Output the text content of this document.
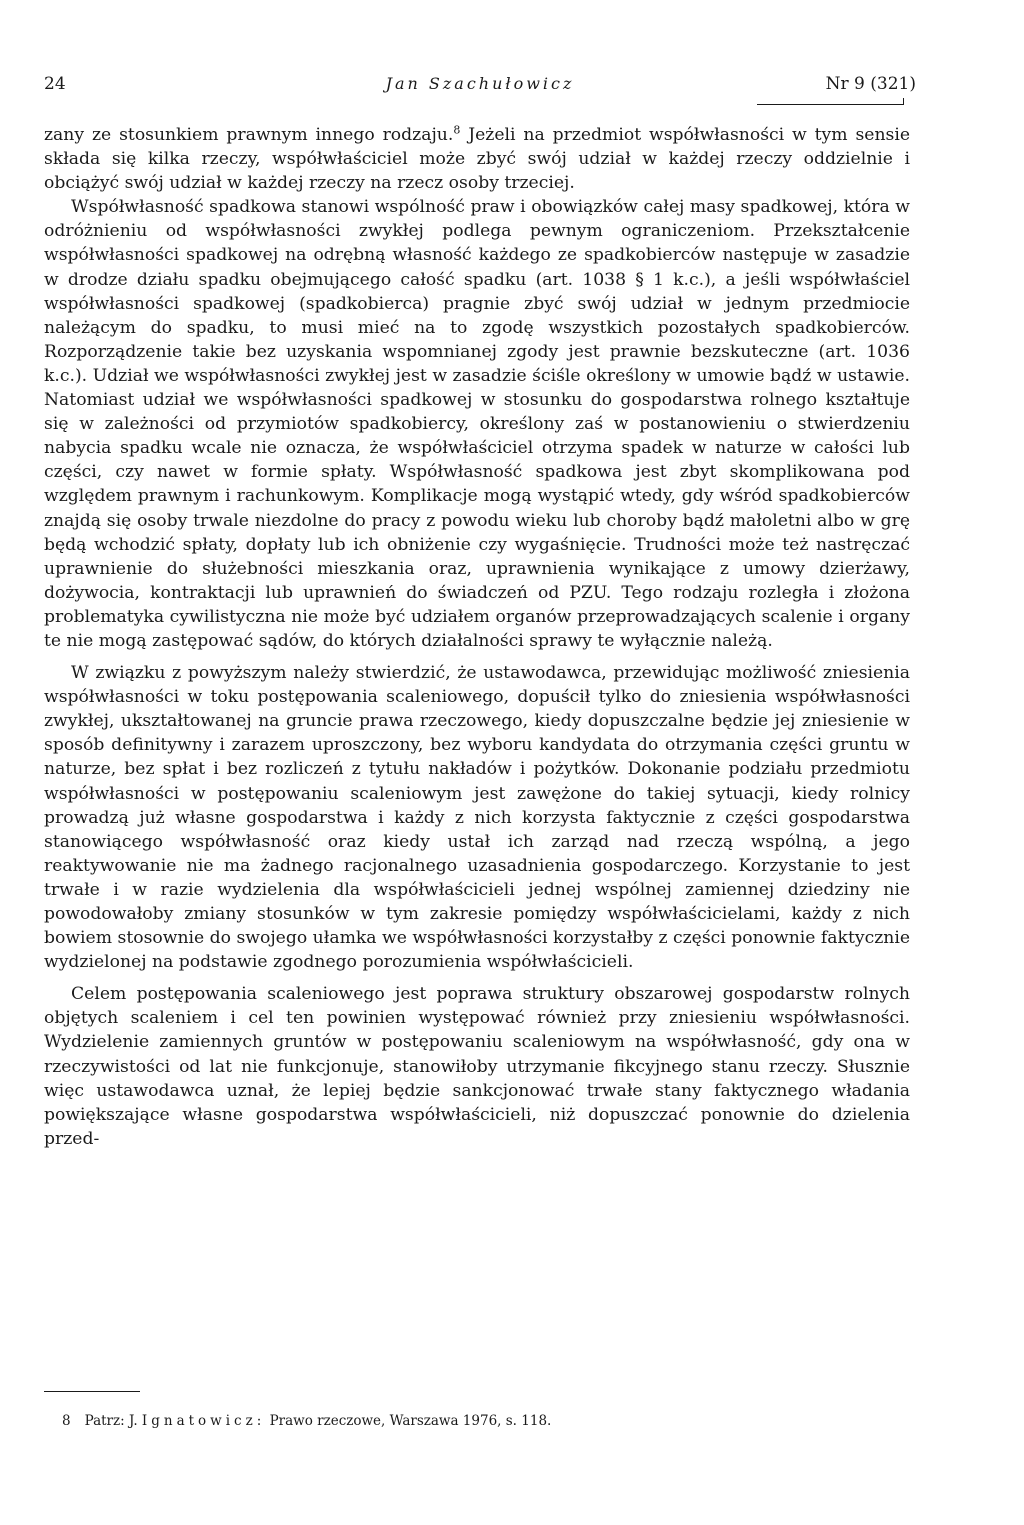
24	Jan Szachułowicz	Nr 9 (321)

zany ze stosunkiem prawnym innego rodzaju.$^8$ Jeżeli na przedmiot współwłasności w tym sensie składa się kilka rzeczy, współwłaściciel może zbyć swój udział w każdej rzeczy oddzielnie i obciążyć swój udział w każdej rzeczy na rzecz osoby trzeciej.

Współwłasność spadkowa stanowi wspólność praw i obowiązków całej masy spadkowej, która w odróżnieniu od współwłasności zwykłej podlega pewnym ograniczeniom. Przekształcenie współwłasności spadkowej na odrębną własność każdego ze spadkobierców następuje w zasadzie w drodze działu spadku obejmującego całość spadku (art. 1038 § 1 k.c.), a jeśli współwłaściel współwłasności spadkowej (spadkobierca) pragnie zbyć swój udział w jednym przedmiocie należącym do spadku, to musi mieć na to zgodę wszystkich pozostałych spadkobierców. Rozporządzenie takie bez uzyskania wspomnianej zgody jest prawnie bezskuteczne (art. 1036 k.c.). Udział we współwłasności zwykłej jest w zasadzie ściśle określony w umowie bądź w ustawie. Natomiast udział we współwłasności spadkowej w stosunku do gospodarstwa rolnego kształtuje się w zależności od przymiotów spadkobiercy, określony zaś w postanowieniu o stwierdzeniu nabycia spadku wcale nie oznacza, że współwłaściciel otrzyma spadek w naturze w całości lub części, czy nawet w formie spłaty. Współwłasność spadkowa jest zbyt skomplikowana pod względem prawnym i rachunkowym. Komplikacje mogą wystąpić wtedy, gdy wśród spadkobierców znajdą się osoby trwale niezdolne do pracy z powodu wieku lub choroby bądź małoletni albo w grę będą wchodzić spłaty, dopłaty lub ich obniżenie czy wygaśnięcie. Trudności może też nastręczać uprawnienie do służebności mieszkania oraz, uprawnienia wynikające z umowy dzierżawy, dożywocia, kontraktacji lub uprawnień do świadczeń od PZU. Tego rodzaju rozległa i złożona problematyka cywilistyczna nie może być udziałem organów przeprowadzających scalenie i organy te nie mogą zastępować sądów, do których działalności sprawy te wyłącznie należą.

W związku z powyższym należy stwierdzić, że ustawodawca, przewidując możliwość zniesienia współwłasności w toku postępowania scaleniowego, dopuścił tylko do zniesienia współwłasności zwykłej, ukształtowanej na gruncie prawa rzeczowego, kiedy dopuszczalne będzie jej zniesienie w sposób definitywny i zarazem uproszczony, bez wyboru kandydata do otrzymania części gruntu w naturze, bez spłat i bez rozliczeń z tytułu nakładów i pożytków. Dokonanie podziału przedmiotu współwłasności w postępowaniu scaleniowym jest zawężone do takiej sytuacji, kiedy rolnicy prowadzą już własne gospodarstwa i każdy z nich korzysta faktycznie z części gospodarstwa stanowiącego współwłasność oraz kiedy ustał ich zarząd nad rzeczą wspólną, a jego reaktywowanie nie ma żadnego racjonalnego uzasadnienia gospodarczego. Korzystanie to jest trwałe i w razie wydzielenia dla współwłaścicieli jednej wspólnej zamiennej dziedziny nie powodowałoby zmiany stosunków w tym zakresie pomiędzy współwłaścicielami, każdy z nich bowiem stosownie do swojego ułamka we współwłasności korzystałby z części ponownie faktycznie wydzielonej na podstawie zgodnego porozumienia współwłaścicieli.

Celem postępowania scaleniowego jest poprawa struktury obszarowej gospodarstw rolnych objętych scaleniem i cel ten powinien występować również przy zniesieniu współwłasności. Wydzielenie zamiennych gruntów w postępowaniu scaleniowym na współwłasność, gdy ona w rzeczywistości od lat nie funkcjonuje, stanowiłoby utrzymanie fikcyjnego stanu rzeczy. Słusznie więc ustawodawca uznał, że lepiej będzie sankcjonować trwałe stany faktycznego władania powiększające własne gospodarstwa współwłaścicieli, niż dopuszczać ponownie do dzielenia przed-

8 Patrz: J. Ignatowicz: Prawo rzeczowe, Warszawa 1976, s. 118.
